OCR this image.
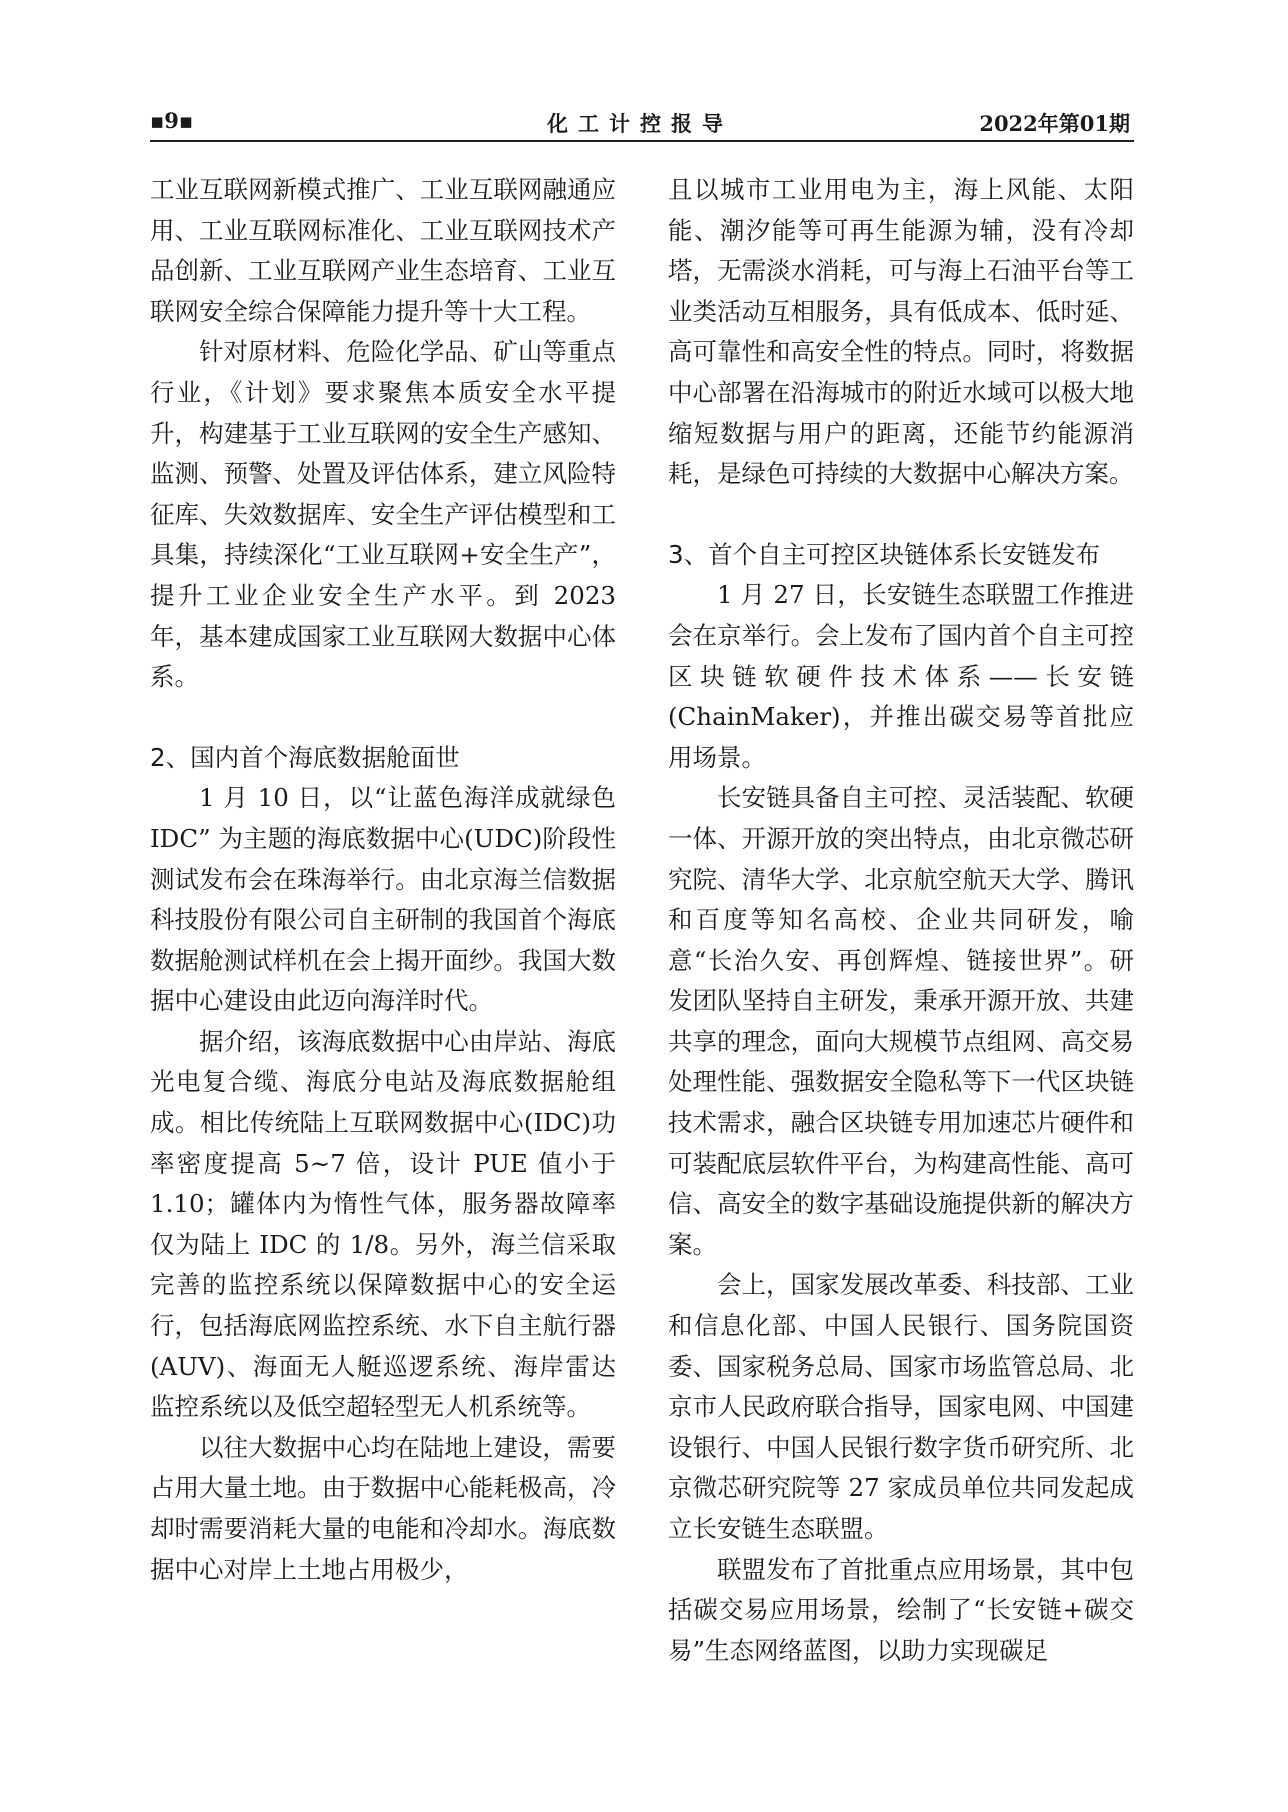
▪9▪	化工计控报导	2022年第01期

工业互联网新模式推广、工业互联网融通应用、工业互联网标准化、工业互联网技术产品创新、工业互联网产业生态培育、工业互联网安全综合保障能力提升等十大工程。

针对原材料、危险化学品、矿山等重点行业，《计划》要求聚焦本质安全水平提升，构建基于工业互联网的安全生产感知、监测、预警、处置及评估体系，建立风险特征库、失效数据库、安全生产评估模型和工具集，持续深化“工业互联网+安全生产”，提升工业企业安全生产水平。到 2023 年，基本建成国家工业互联网大数据中心体系。

2、国内首个海底数据舱面世

1 月 10 日，以“让蓝色海洋成就绿色 IDC” 为主题的海底数据中心(UDC)阶段性测试发布会在珠海举行。由北京海兰信数据科技股份有限公司自主研制的我国首个海底数据舱测试样机在会上揭开面纱。我国大数据中心建设由此迈向海洋时代。

据介绍，该海底数据中心由岸站、海底光电复合缆、海底分电站及海底数据舱组成。相比传统陆上互联网数据中心(IDC)功率密度提高 5~7 倍，设计 PUE 值小于 1.10；罐体内为惰性气体，服务器故障率仅为陆上 IDC 的 1/8。另外，海兰信采取完善的监控系统以保障数据中心的安全运行，包括海底网监控系统、水下自主航行器(AUV)、海面无人艇巡逻系统、海岸雷达监控系统以及低空超轻型无人机系统等。

以往大数据中心均在陆地上建设，需要占用大量土地。由于数据中心能耗极高，冷却时需要消耗大量的电能和冷却水。海底数据中心对岸上土地占用极少，

且以城市工业用电为主，海上风能、太阳能、潮汐能等可再生能源为辅，没有冷却塔，无需淡水消耗，可与海上石油平台等工业类活动互相服务，具有低成本、低时延、高可靠性和高安全性的特点。同时，将数据中心部署在沿海城市的附近水域可以极大地缩短数据与用户的距离，还能节约能源消耗，是绿色可持续的大数据中心解决方案。

3、首个自主可控区块链体系长安链发布

1 月 27 日，长安链生态联盟工作推进会在京举行。会上发布了国内首个自主可控区块链软硬件技术体系——长安链(ChainMaker)，并推出碳交易等首批应用场景。

长安链具备自主可控、灵活装配、软硬一体、开源开放的突出特点，由北京微芯研究院、清华大学、北京航空航天大学、腾讯和百度等知名高校、企业共同研发，喻意“长治久安、再创辉煌、链接世界”。研发团队坚持自主研发，秉承开源开放、共建共享的理念，面向大规模节点组网、高交易处理性能、强数据安全隐私等下一代区块链技术需求，融合区块链专用加速芯片硬件和可装配底层软件平台，为构建高性能、高可信、高安全的数字基础设施提供新的解决方案。

会上，国家发展改革委、科技部、工业和信息化部、中国人民银行、国务院国资委、国家税务总局、国家市场监管总局、北京市人民政府联合指导，国家电网、中国建设银行、中国人民银行数字货币研究所、北京微芯研究院等 27 家成员单位共同发起成立长安链生态联盟。

联盟发布了首批重点应用场景，其中包括碳交易应用场景，绘制了“长安链+碳交易”生态网络蓝图，以助力实现碳足
